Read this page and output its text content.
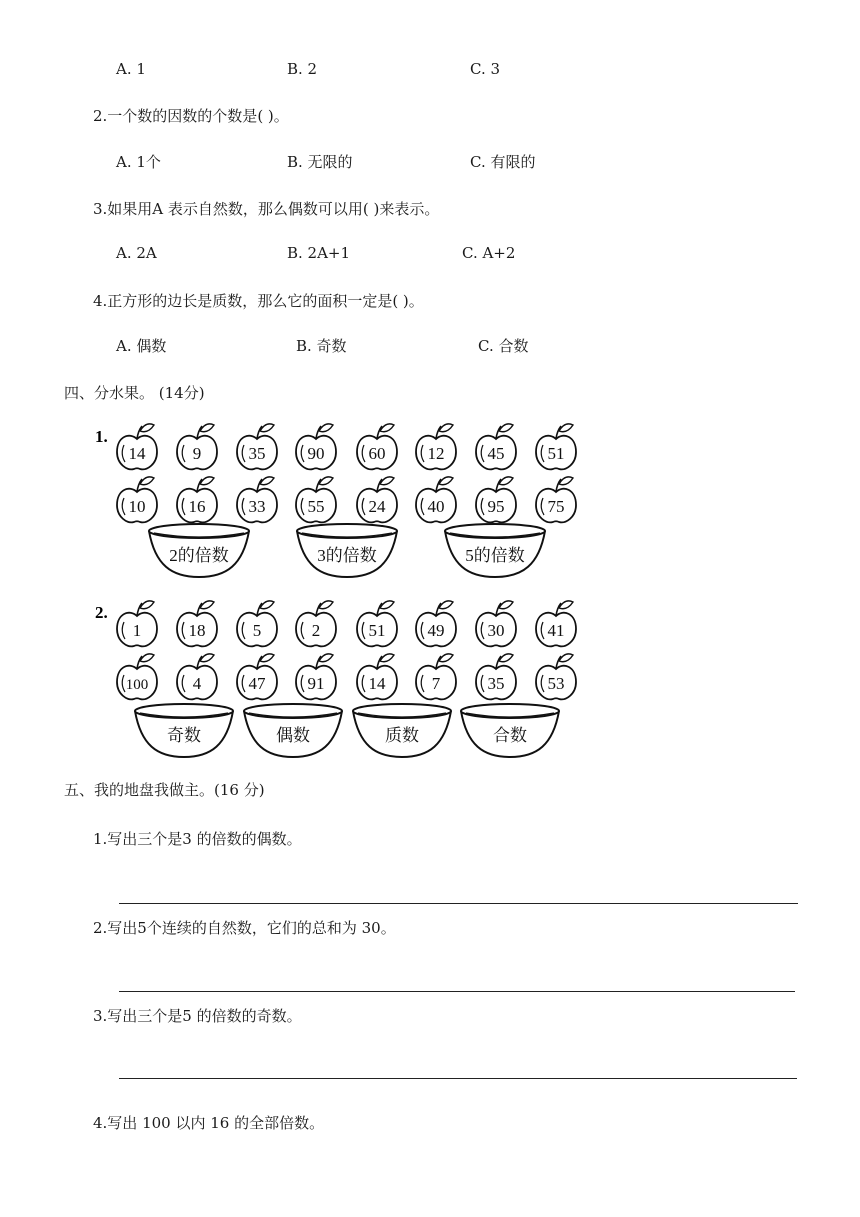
A. 1	B. 2	C. 3
2.一个数的因数的个数是( )。
A. 1个	B. 无限的	C. 有限的
3.如果用A 表示自然数，那么偶数可以用( )来表示。
A. 2A	B. 2A+1	C. A+2
4.正方形的边长是质数，那么它的面积一定是( )。
A. 偶数	B. 奇数	C. 合数
四、分水果。 (14分)
1.
2.
14	9	35 90	60 12	45	51
10	16	33 55	24 40	95	75
1	18	5	2	51 49	30	41
100	4	47 91	14	7	35	53
2的倍数	3的倍数	5的倍数
奇数	偶数	质数	合数
五、我的地盘我做主。(16 分)
1.写出三个是3 的倍数的偶数。
2.写出5个连续的自然数，它们的总和为 30。
3.写出三个是5 的倍数的奇数。
4.写出 100 以内 16 的全部倍数。
